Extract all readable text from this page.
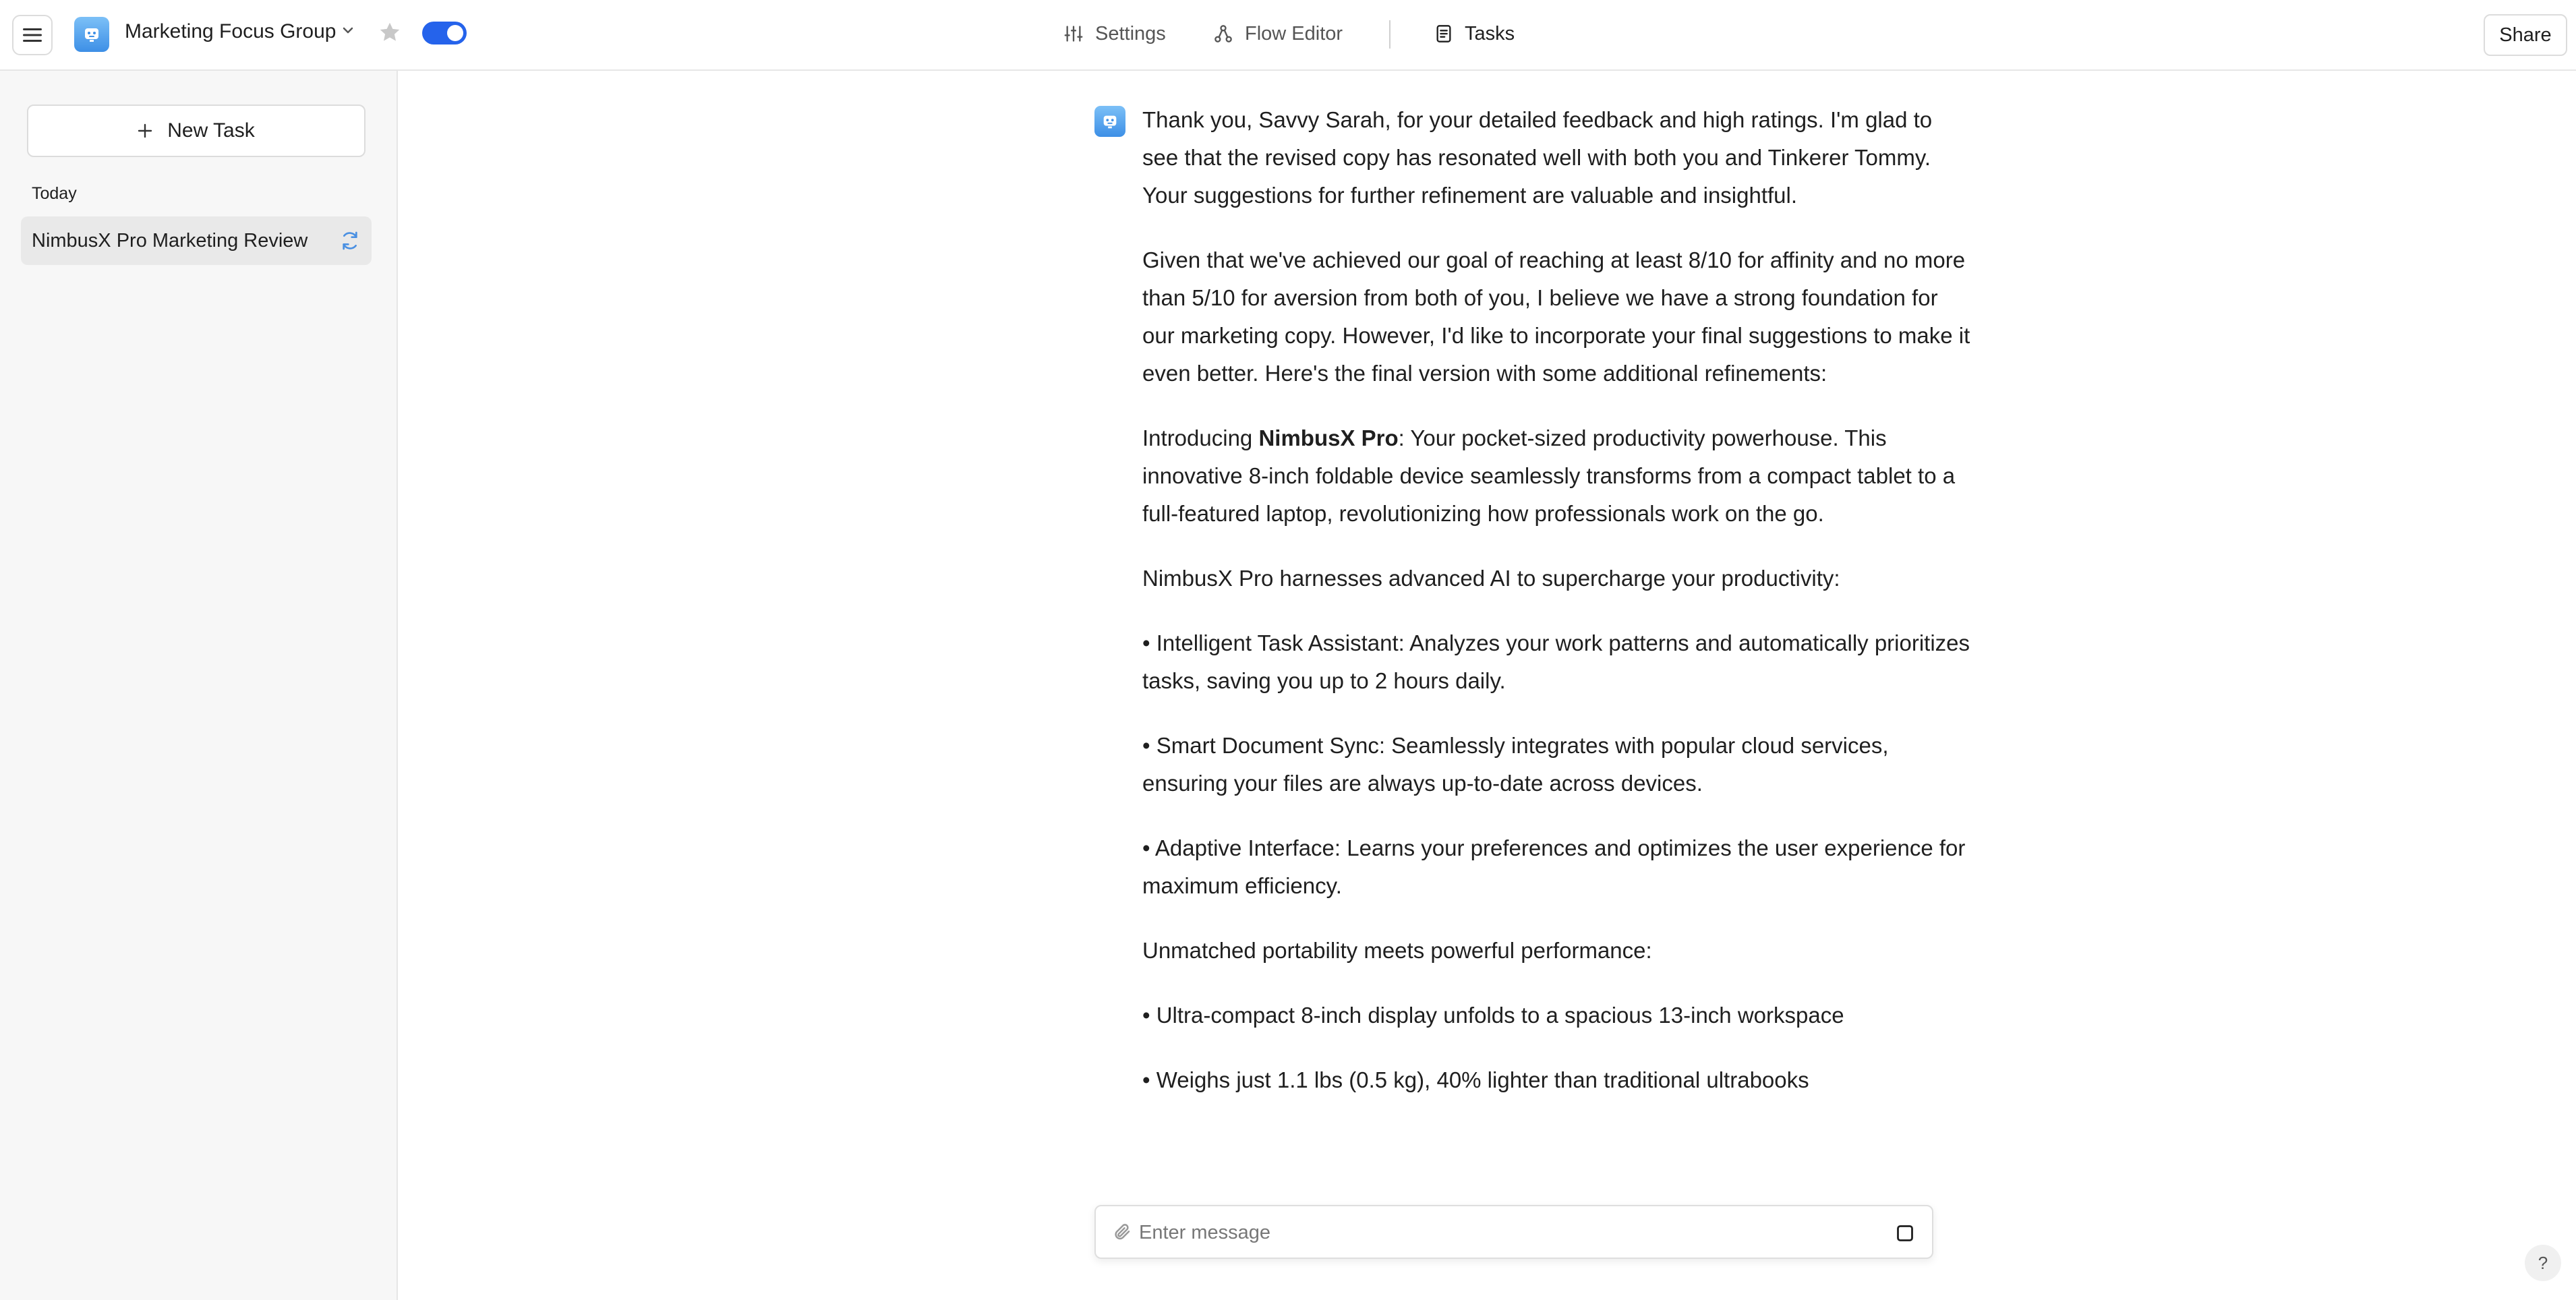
Marketing Focus Group	Settings	Flow Editor	Tasks	Share
New Task
Today
NimbusX Pro Marketing Review

Thank you, Savvy Sarah, for your detailed feedback and high ratings. I'm glad to see that the revised copy has resonated well with both you and Tinkerer Tommy. Your suggestions for further refinement are valuable and insightful.

Given that we've achieved our goal of reaching at least 8/10 for affinity and no more than 5/10 for aversion from both of you, I believe we have a strong foundation for our marketing copy. However, I'd like to incorporate your final suggestions to make it even better. Here's the final version with some additional refinements:

Introducing NimbusX Pro: Your pocket-sized productivity powerhouse. This innovative 8-inch foldable device seamlessly transforms from a compact tablet to a full-featured laptop, revolutionizing how professionals work on the go.

NimbusX Pro harnesses advanced AI to supercharge your productivity:

• Intelligent Task Assistant: Analyzes your work patterns and automatically prioritizes tasks, saving you up to 2 hours daily.

• Smart Document Sync: Seamlessly integrates with popular cloud services, ensuring your files are always up-to-date across devices.

• Adaptive Interface: Learns your preferences and optimizes the user experience for maximum efficiency.

Unmatched portability meets powerful performance:

• Ultra-compact 8-inch display unfolds to a spacious 13-inch workspace

• Weighs just 1.1 lbs (0.5 kg), 40% lighter than traditional ultrabooks

Enter message
?
